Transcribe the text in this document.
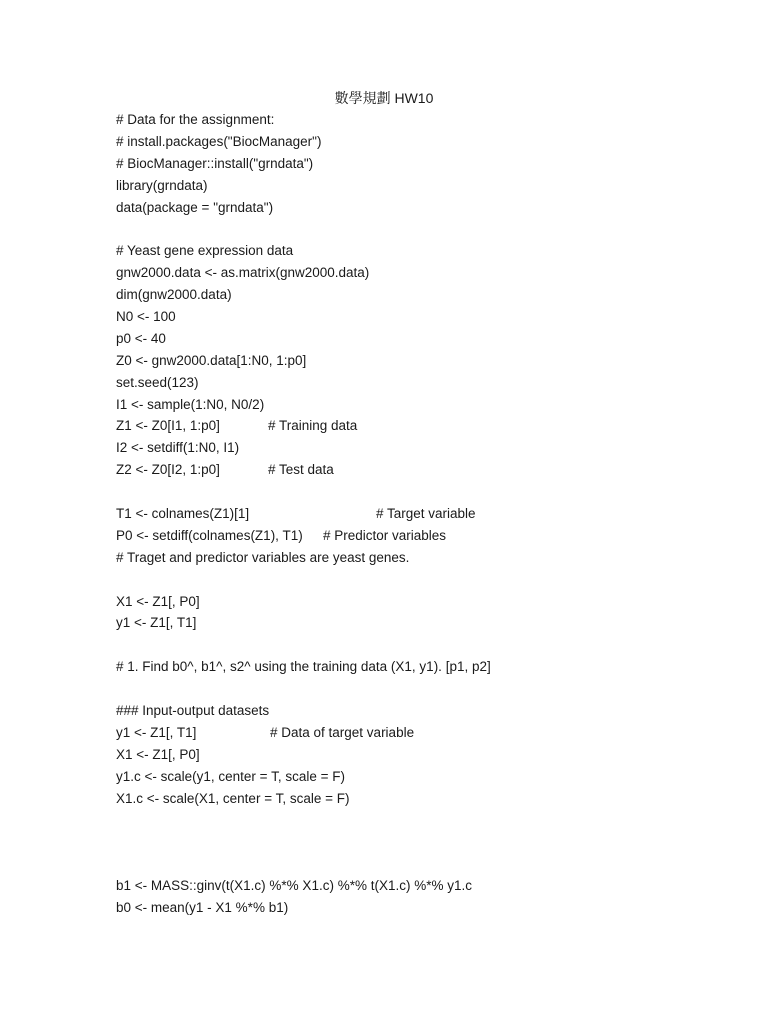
數學規劃 HW10
# Data for the assignment:
# install.packages("BiocManager")
# BiocManager::install("grndata")
library(grndata)
data(package = "grndata")
# Yeast gene expression data
gnw2000.data <- as.matrix(gnw2000.data)
dim(gnw2000.data)
N0 <- 100
p0 <- 40
Z0 <- gnw2000.data[1:N0, 1:p0]
set.seed(123)
I1 <- sample(1:N0, N0/2)
Z1 <- Z0[I1, 1:p0]	# Training data
I2 <- setdiff(1:N0, I1)
Z2 <- Z0[I2, 1:p0]	# Test data
T1 <- colnames(Z1)[1]	# Target variable
P0 <- setdiff(colnames(Z1), T1) # Predictor variables
# Traget and predictor variables are yeast genes.
X1 <- Z1[, P0]
y1 <- Z1[, T1]
# 1. Find b0^, b1^, s2^ using the training data (X1, y1). [p1, p2]
### Input-output datasets
y1 <- Z1[, T1]	# Data of target variable
X1 <- Z1[, P0]
y1.c <- scale(y1, center = T, scale = F)
X1.c <- scale(X1, center = T, scale = F)
b1 <- MASS::ginv(t(X1.c) %*% X1.c) %*% t(X1.c) %*% y1.c
b0 <- mean(y1 - X1 %*% b1)
